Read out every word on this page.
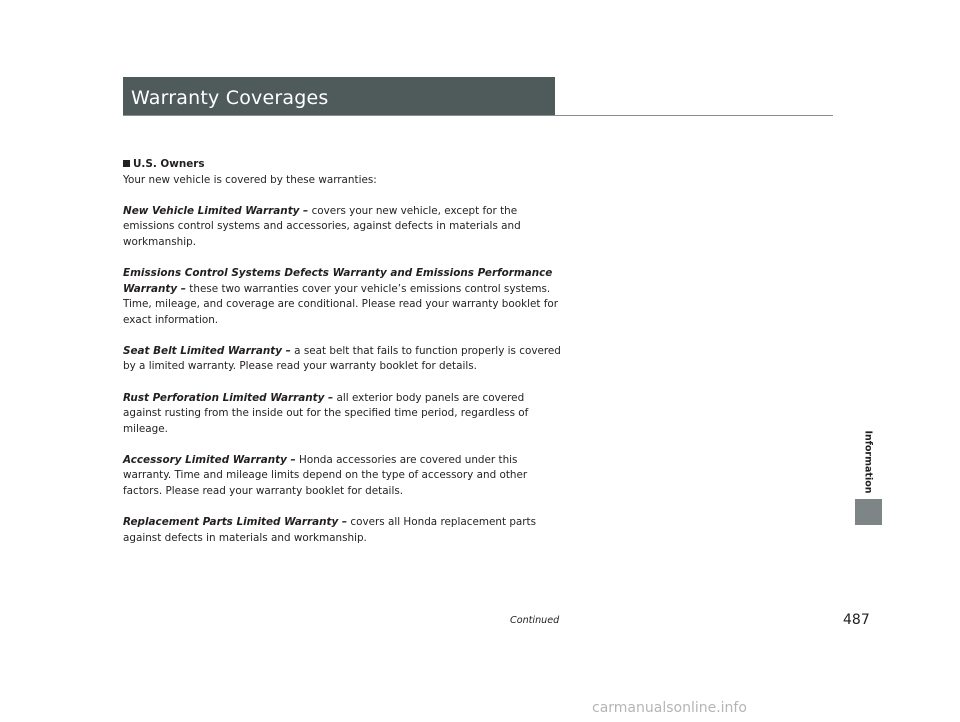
Warranty Coverages
U.S. Owners
Your new vehicle is covered by these warranties:
New Vehicle Limited Warranty – covers your new vehicle, except for the emissions control systems and accessories, against defects in materials and workmanship.
Emissions Control Systems Defects Warranty and Emissions Performance Warranty – these two warranties cover your vehicle’s emissions control systems. Time, mileage, and coverage are conditional. Please read your warranty booklet for exact information.
Seat Belt Limited Warranty – a seat belt that fails to function properly is covered by a limited warranty. Please read your warranty booklet for details.
Rust Perforation Limited Warranty – all exterior body panels are covered against rusting from the inside out for the specified time period, regardless of mileage.
Accessory Limited Warranty – Honda accessories are covered under this warranty. Time and mileage limits depend on the type of accessory and other factors. Please read your warranty booklet for details.
Replacement Parts Limited Warranty – covers all Honda replacement parts against defects in materials and workmanship.
Information
Continued	487
carmanualsonline.info
